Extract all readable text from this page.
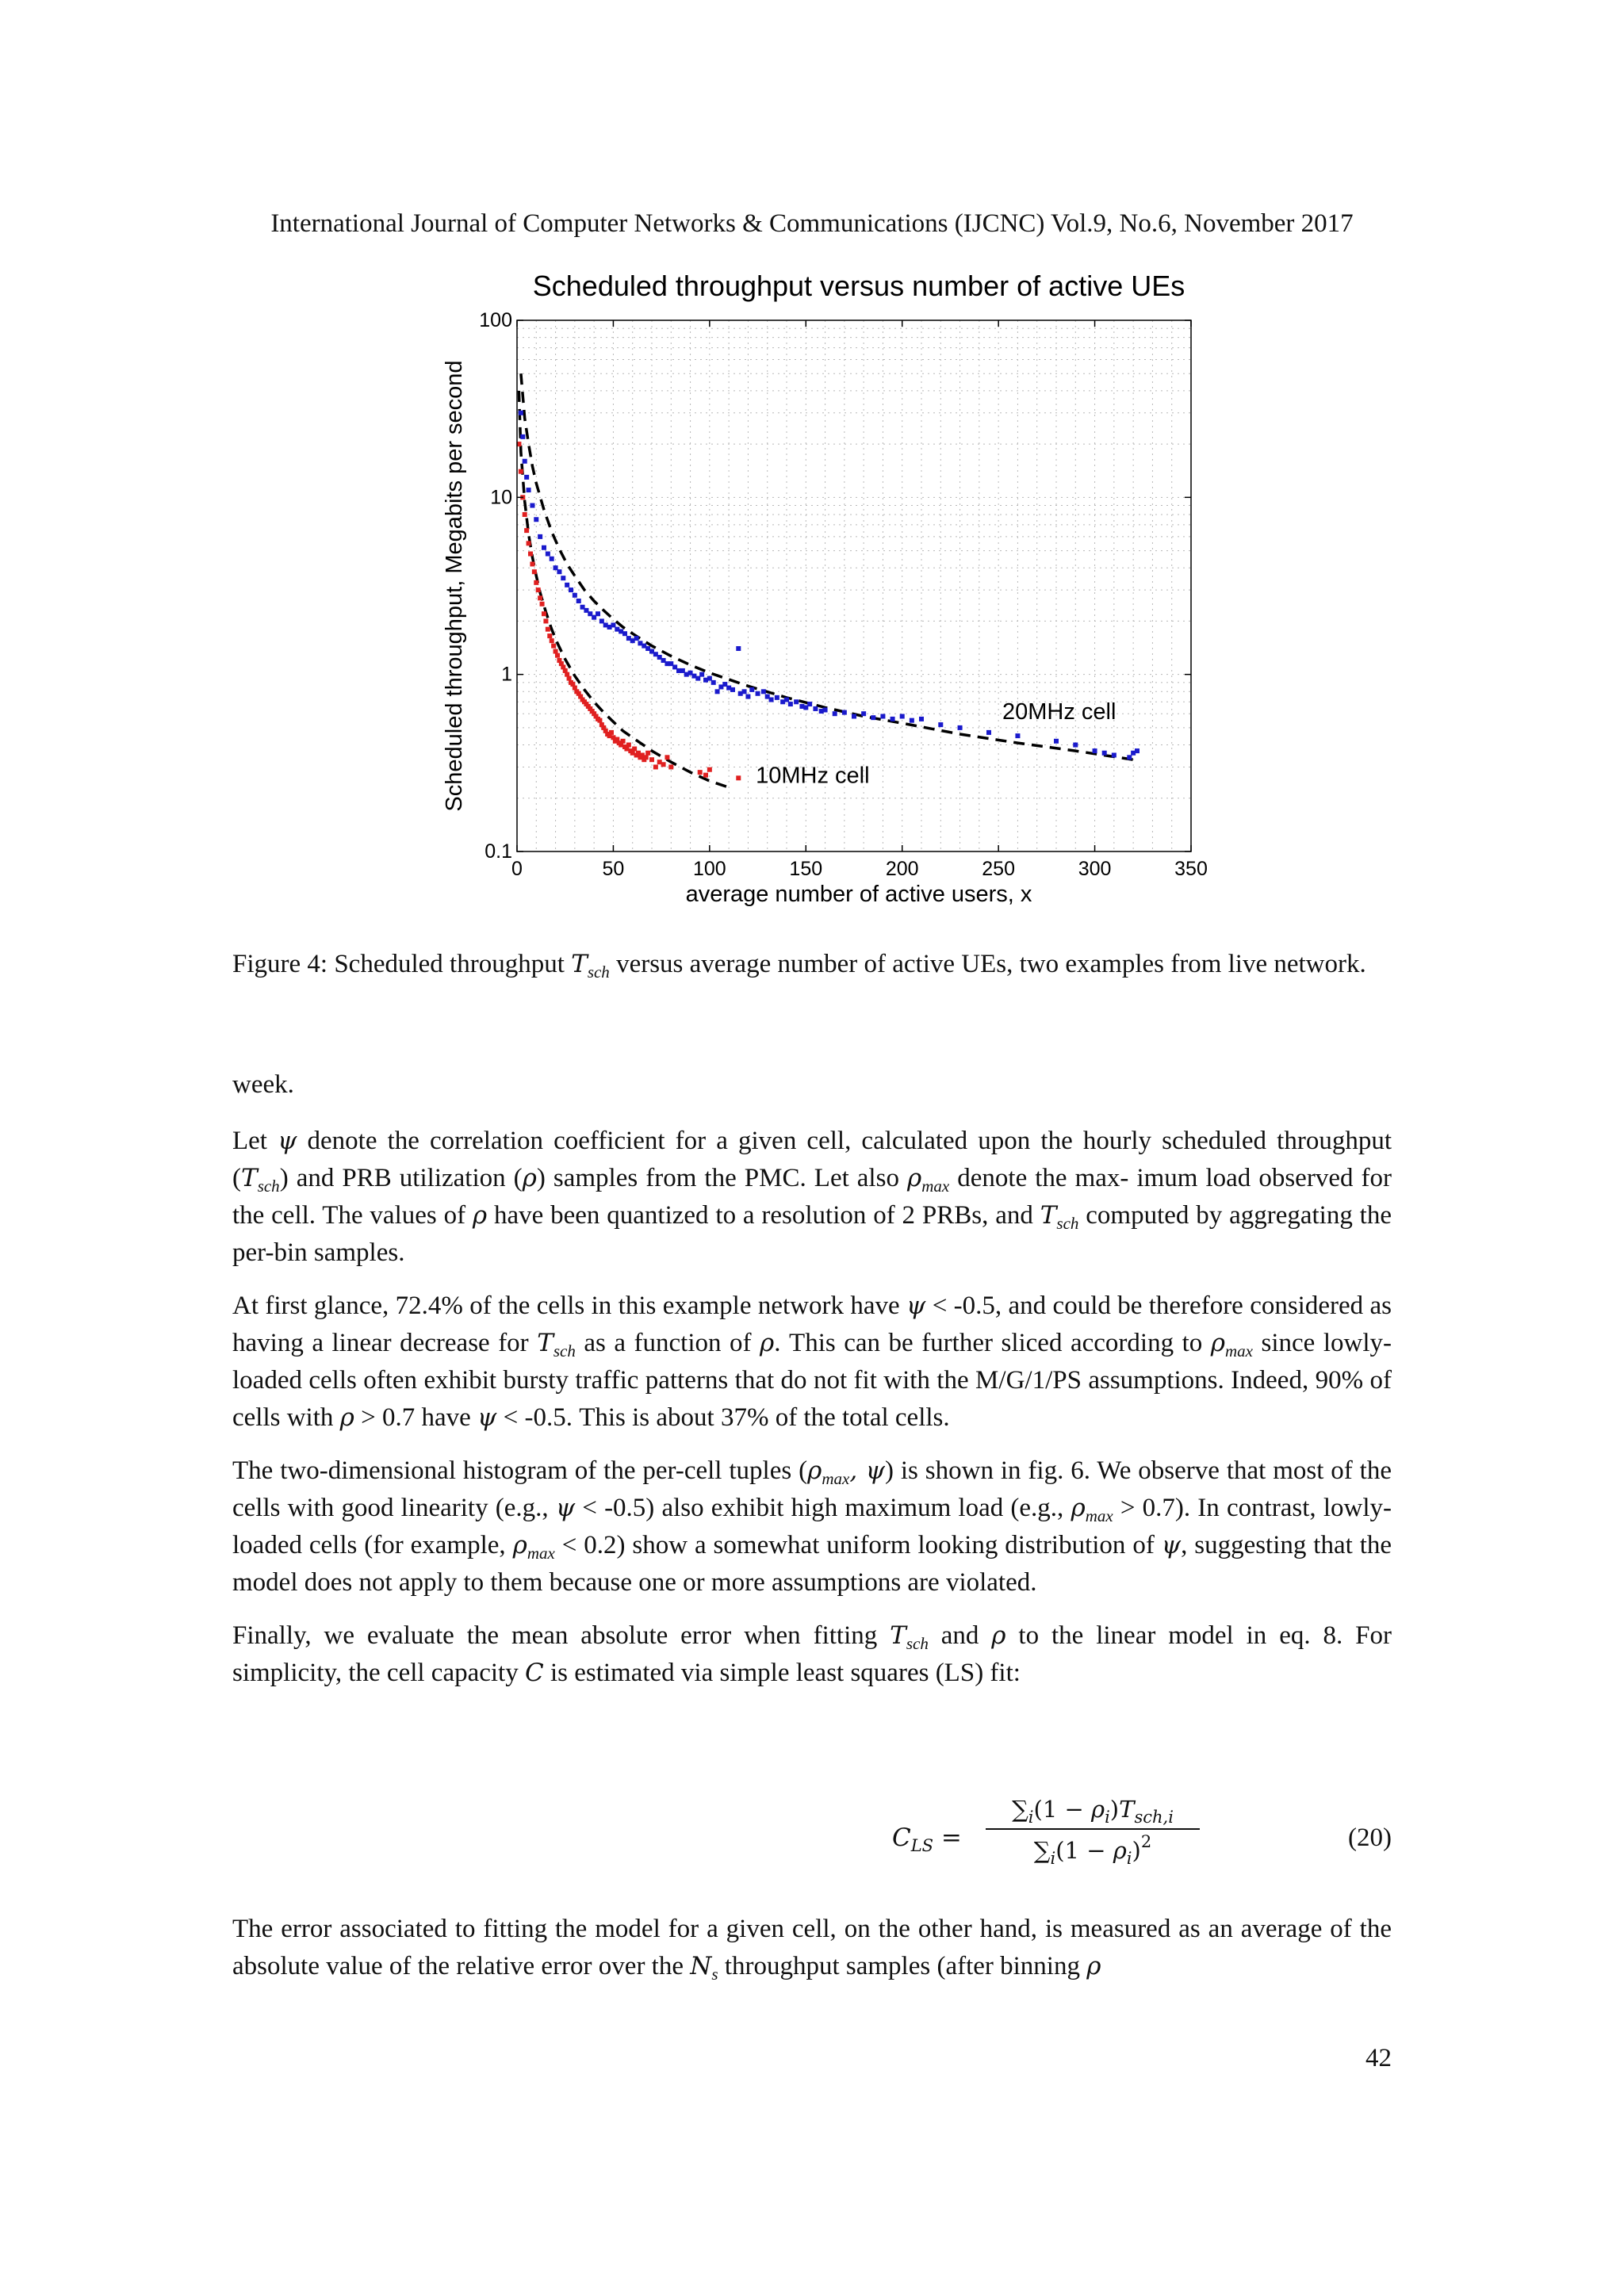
International Journal of Computer Networks & Communications (IJCNC) Vol.9, No.6, November 2017
Scheduled throughput versus number of active UEs
0	50	100	150	200	250	300	350
0.1
1
10
100
average number of active users, x
Scheduled throughput, Megabits per second	20MHz cell
10MHz cell
Figure 4: Scheduled throughput $T_{sch}$ versus average number of active UEs, two examples from live network.

week.

Let ψ denote the correlation coefficient for a given cell, calculated upon the hourly scheduled throughput $(T_{sch})$ and PRB utilization (ρ) samples from the PMC. Let also $\rho_{max}$ denote the max- imum load observed for the cell. The values of ρ have been quantized to a resolution of 2 PRBs, and $T_{sch}$ computed by aggregating the per-bin samples.

At first glance, 72.4% of the cells in this example network have ψ < -0.5, and could be therefore considered as having a linear decrease for $T_{sch}$ as a function of ρ. This can be further sliced according to $\rho_{max}$ since lowly-loaded cells often exhibit bursty traffic patterns that do not fit with the M/G/1/PS assumptions. Indeed, 90% of cells with ρ > 0.7 have ψ < -0.5. This is about 37% of the total cells.

The two-dimensional histogram of the per-cell tuples ($\rho_{max}$, ψ) is shown in fig. 6. We observe that most of the cells with good linearity (e.g., ψ < -0.5) also exhibit high maximum load (e.g., $\rho_{max} > 0.7$). In contrast, lowly-loaded cells (for example, $\rho_{max} < 0.2$) show a somewhat uniform looking distribution of ψ, suggesting that the model does not apply to them because one or more assumptions are violated.

Finally, we evaluate the mean absolute error when fitting $T_{sch}$ and ρ to the linear model in eq. 8. For simplicity, the cell capacity C is estimated via simple least squares (LS) fit:

$C_{LS}$ =
$\sum_i(1 - \rho_i)T_{sch,i}$
$\sum_i(1 - \rho_i)^2$	(20)
The error associated to fitting the model for a given cell, on the other hand, is measured as an average of the absolute value of the relative error over the $N_s$ throughput samples (after binning ρ
42
